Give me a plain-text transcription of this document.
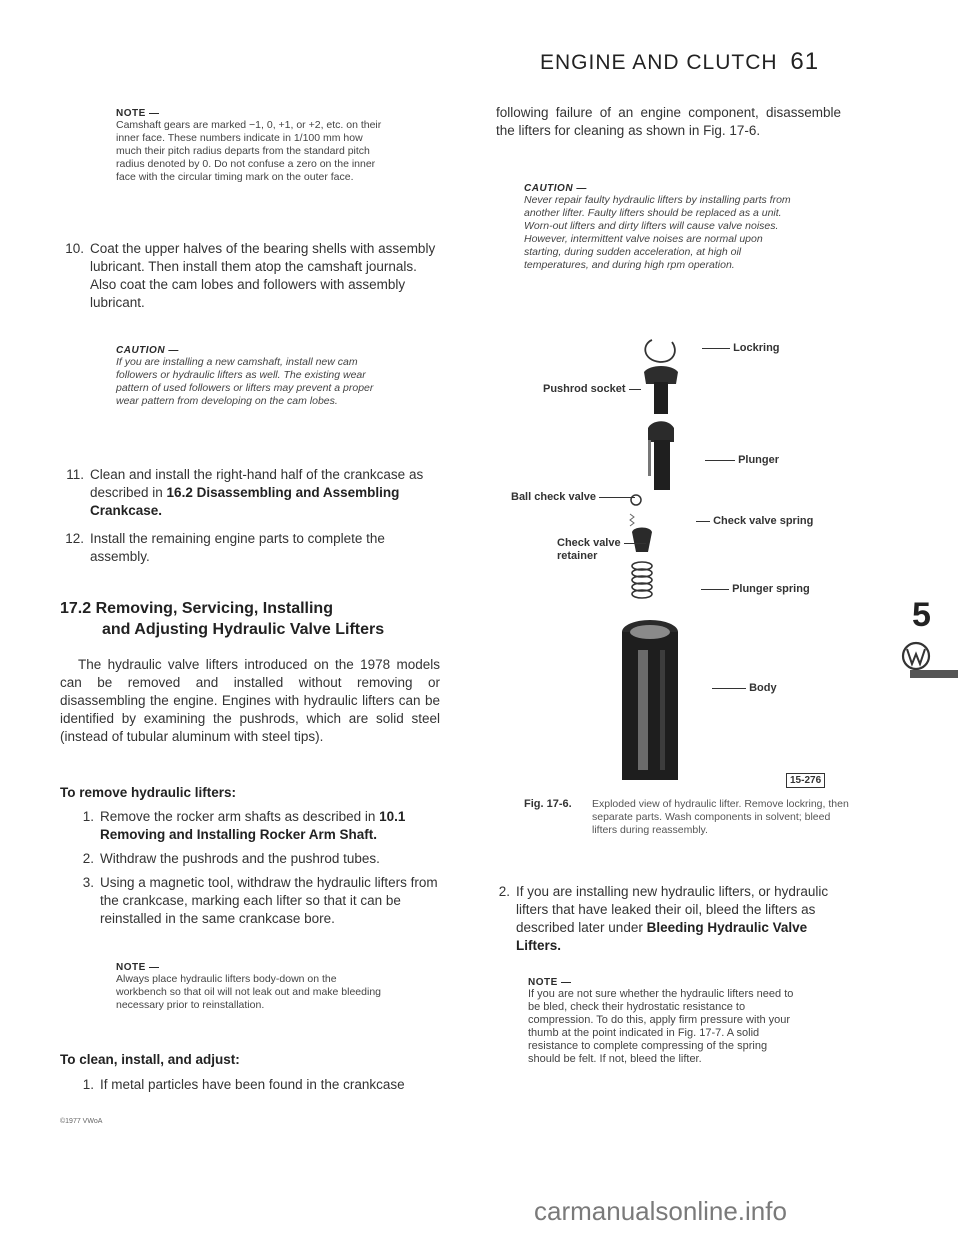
ENGINE AND CLUTCH 61
NOTE —
Camshaft gears are marked −1, 0, +1, or +2, etc. on their inner face. These numbers indicate in 1/100 mm how much their pitch radius departs from the standard pitch radius denoted by 0. Do not confuse a zero on the inner face with the circular timing mark on the outer face.
10. Coat the upper halves of the bearing shells with assembly lubricant. Then install them atop the camshaft journals. Also coat the cam lobes and followers with assembly lubricant.
CAUTION —
If you are installing a new camshaft, install new cam followers or hydraulic lifters as well. The existing wear pattern of used followers or lifters may prevent a proper wear pattern from developing on the cam lobes.
11. Clean and install the right-hand half of the crankcase as described in 16.2 Disassembling and Assembling Crankcase.
12. Install the remaining engine parts to complete the assembly.
17.2 Removing, Servicing, Installing
and Adjusting Hydraulic Valve Lifters
The hydraulic valve lifters introduced on the 1978 models can be removed and installed without removing or disassembling the engine. Engines with hydraulic lifters can be identified by examining the pushrods, which are solid steel (instead of tubular aluminum with steel tips).
To remove hydraulic lifters:
1. Remove the rocker arm shafts as described in 10.1 Removing and Installing Rocker Arm Shaft.
2. Withdraw the pushrods and the pushrod tubes.
3. Using a magnetic tool, withdraw the hydraulic lifters from the crankcase, marking each lifter so that it can be reinstalled in the same crankcase bore.
NOTE —
Always place hydraulic lifters body-down on the workbench so that oil will not leak out and make bleeding necessary prior to reinstallation.
To clean, install, and adjust:
1. If metal particles have been found in the crankcase
©1977 VWoA
following failure of an engine component, disassemble the lifters for cleaning as shown in Fig. 17-6.
CAUTION —
Never repair faulty hydraulic lifters by installing parts from another lifter. Faulty lifters should be replaced as a unit. Worn-out lifters and dirty lifters will cause valve noises. However, intermittent valve noises are normal upon starting, during sudden acceleration, at high oil temperatures, and during high rpm operation.
Lockring
Pushrod socket
Plunger
Ball check valve
Check valve spring
Check valve
retainer
Plunger spring
Body
15-276
Fig. 17-6.	Exploded view of hydraulic lifter. Remove lockring, then separate parts. Wash components in solvent; bleed lifters during reassembly.
2. If you are installing new hydraulic lifters, or hydraulic lifters that have leaked their oil, bleed the lifters as described later under Bleeding Hydraulic Valve Lifters.
NOTE —
If you are not sure whether the hydraulic lifters need to be bled, check their hydrostatic resistance to compression. To do this, apply firm pressure with your thumb at the point indicated in Fig. 17-7. A solid resistance to complete compressing of the spring should be felt. If not, bleed the lifter.
5
carmanualsonline.info
